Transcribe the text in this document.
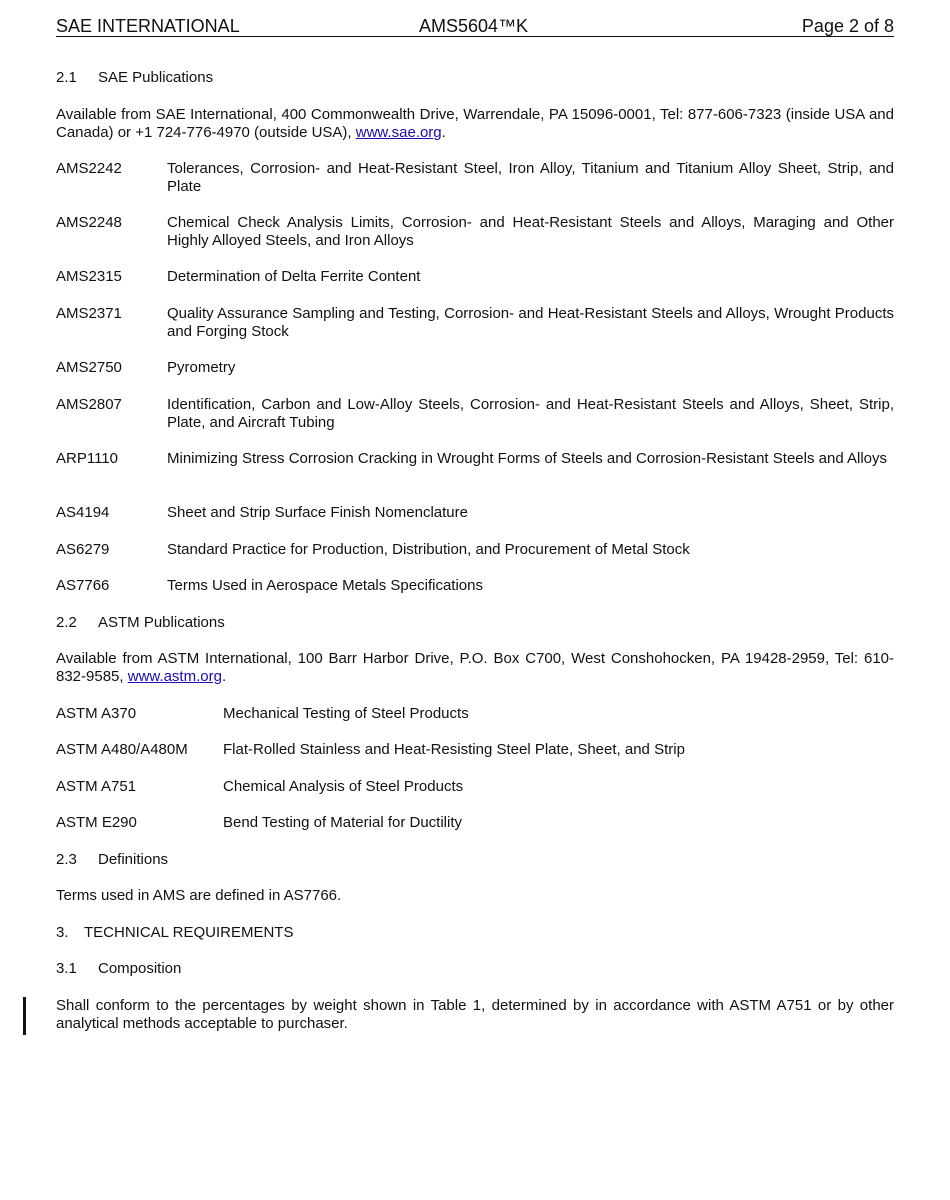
SAE INTERNATIONAL	AMS5604™K	Page 2 of 8
2.1 SAE Publications
Available from SAE International, 400 Commonwealth Drive, Warrendale, PA 15096-0001, Tel: 877-606-7323 (inside USA and Canada) or +1 724-776-4970 (outside USA), www.sae.org.
AMS2242	Tolerances, Corrosion- and Heat-Resistant Steel, Iron Alloy, Titanium and Titanium Alloy Sheet, Strip, and Plate
AMS2248	Chemical Check Analysis Limits, Corrosion- and Heat-Resistant Steels and Alloys, Maraging and Other Highly Alloyed Steels, and Iron Alloys
AMS2315	Determination of Delta Ferrite Content
AMS2371	Quality Assurance Sampling and Testing, Corrosion- and Heat-Resistant Steels and Alloys, Wrought Products and Forging Stock
AMS2750	Pyrometry
AMS2807	Identification, Carbon and Low-Alloy Steels, Corrosion- and Heat-Resistant Steels and Alloys, Sheet, Strip, Plate, and Aircraft Tubing
ARP1110	Minimizing Stress Corrosion Cracking in Wrought Forms of Steels and Corrosion-Resistant Steels and Alloys
AS4194	Sheet and Strip Surface Finish Nomenclature
AS6279	Standard Practice for Production, Distribution, and Procurement of Metal Stock
AS7766	Terms Used in Aerospace Metals Specifications
2.2 ASTM Publications
Available from ASTM International, 100 Barr Harbor Drive, P.O. Box C700, West Conshohocken, PA 19428-2959, Tel: 610-832-9585, www.astm.org.
ASTM A370	Mechanical Testing of Steel Products
ASTM A480/A480M Flat-Rolled Stainless and Heat-Resisting Steel Plate, Sheet, and Strip
ASTM A751	Chemical Analysis of Steel Products
ASTM E290	Bend Testing of Material for Ductility
2.3 Definitions
Terms used in AMS are defined in AS7766.
3. TECHNICAL REQUIREMENTS
3.1 Composition
Shall conform to the percentages by weight shown in Table 1, determined by in accordance with ASTM A751 or by other analytical methods acceptable to purchaser.
